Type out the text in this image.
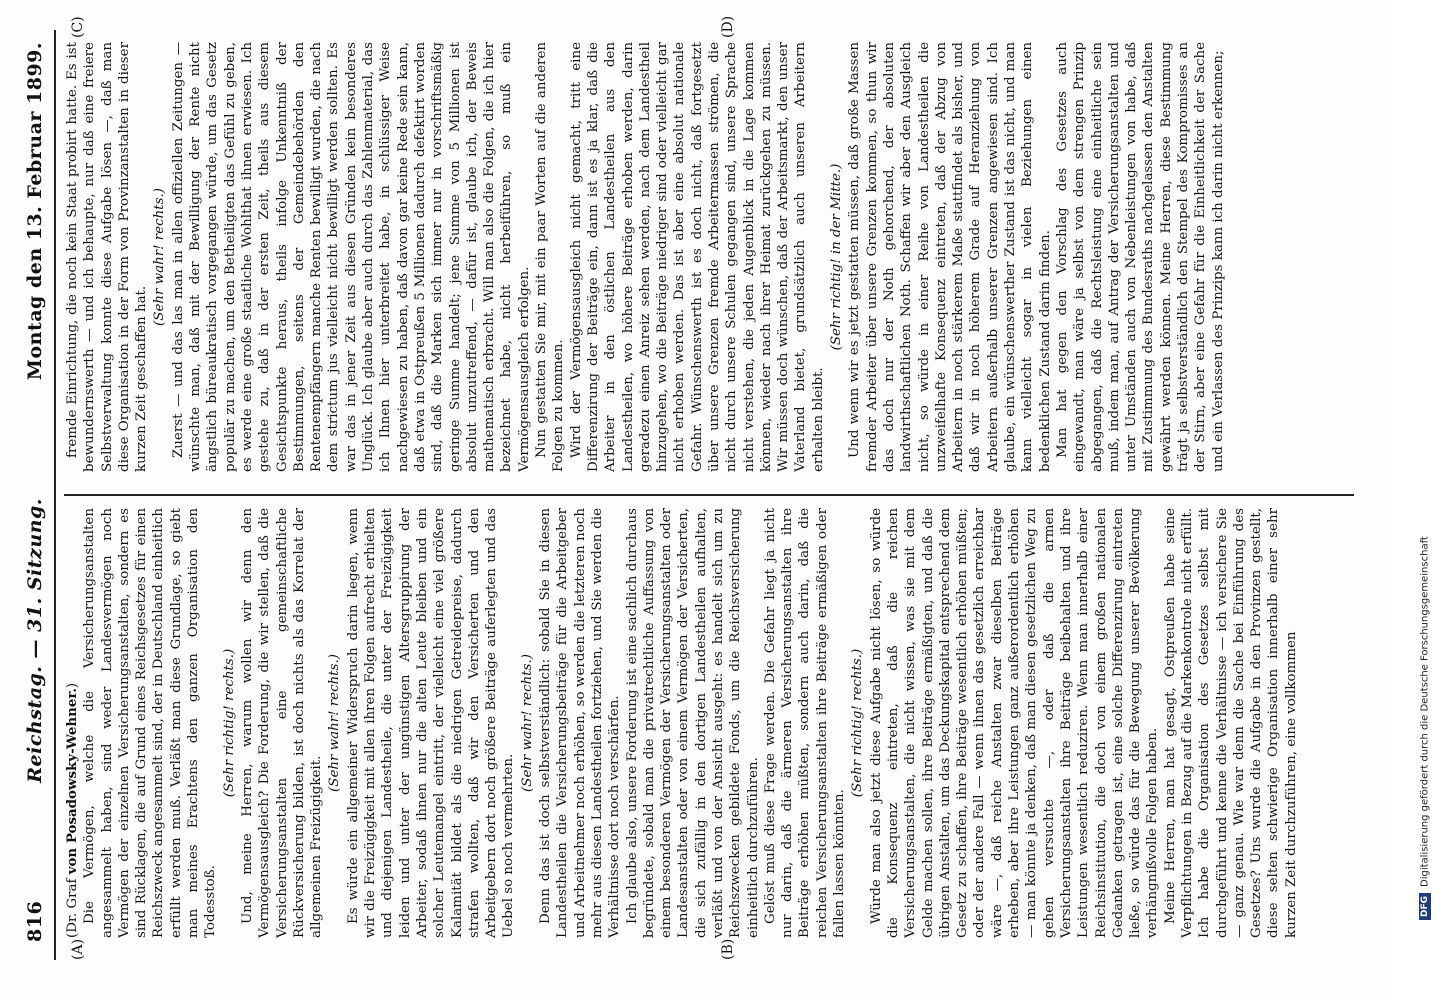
816
Reichstag. — 31. Sitzung.
Montag den 13. Februar 1899.
(A)	(B)
(C)	(D)

(Dr. Graf von Posadowsky-Wehner.) Die Vermögen, welche die Versicherungsanstalten angesammelt haben, sind weder Landesvermögen noch Vermögen der einzelnen Versicherungsanstalten, sondern es sind Rücklagen, die auf Grund eines Reichsgesetzes für einen Reichszweck angesammelt sind, der in Deutschland einheitlich erfüllt werden muß. Verläßt man diese Grundlage, so giebt man meines Erachtens den ganzen Organisation den Todesstoß.

(Sehr richtig! rechts.) Und, meine Herren, warum wollen wir denn den Vermögensausgleich? Die Forderung, die wir stellen, daß die Versicherungsanstalten eine gemeinschaftliche Rückversicherung bilden, ist doch nichts als das Korrelat der allgemeinen Freizügigkeit.

(Sehr wahr! rechts.) Es würde ein allgemeiner Widerspruch darin liegen, wenn wir die Freizügigkeit mit allen ihren Folgen aufrecht erhielten und diejenigen Landestheile, die unter der Freizügigkeit leiden und unter der ungünstigen Altersgruppirung der Arbeiter, sodaß ihnen nur die alten Leute bleiben und ein solcher Leutemangel eintritt, der vielleicht eine viel größere Kalamität bildet als die niedrigen Getreidepreise, dadurch strafen wollten, daß wir den Versicherten und den Arbeitgebern dort noch größere Beiträge auferlegten und das Uebel so noch vermehrten.

(Sehr wahr! rechts.) Denn das ist doch selbstverständlich: sobald Sie in diesen Landestheilen die Versicherungsbeiträge für die Arbeitgeber und Arbeitnehmer noch erhöhen, so werden die letzteren noch mehr aus diesen Landestheilen fortziehen, und Sie werden die Verhältnisse dort noch verschärfen. Ich glaube also, unsere Forderung ist eine sachlich durchaus begründete, sobald man die privatrechtliche Auffassung von einem besonderen Vermögen der Versicherungsanstalten oder Landesanstalten oder von einem Vermögen der Versicherten, die sich zufällig in den dortigen Landestheilen aufhalten, verläßt und von der Ansicht ausgeht: es handelt sich um zu Reichszwecken gebildete Fonds, um die Reichsversicherung einheitlich durchzuführen. Gelöst muß diese Frage werden. Die Gefahr liegt ja nicht nur darin, daß die ärmeren Versicherungsanstalten ihre Beiträge erhöhen müßten, sondern auch darin, daß die reichen Versicherungsanstalten ihre Beiträge ermäßigen oder fallen lassen könnten.

(Sehr richtig! rechts.) Würde man also jetzt diese Aufgabe nicht lösen, so würde die Konsequenz eintreten, daß die reichen Versicherungsanstalten, die nicht wissen, was sie mit dem Gelde machen sollen, ihre Beiträge ermäßigten, und daß die übrigen Anstalten, um das Deckungskapital entsprechend dem Gesetz zu schaffen, ihre Beiträge wesentlich erhöhen müßten; oder der andere Fall — wenn ihnen das gesetzlich erreichbar wäre —, daß reiche Anstalten zwar dieselben Beiträge erheben, aber ihre Leistungen ganz außerordentlich erhöhen — man könnte ja denken, daß man diesen gesetzlichen Weg zu gehen versuchte —, oder daß die armen Versicherungsanstalten ihre Beiträge beibehalten und ihre Leistungen wesentlich reduziren. Wenn man innerhalb einer Reichsinstitution, die doch von einem großen nationalen Gedanken getragen ist, eine solche Differenzirung eintreten ließe, so würde das für die Bewegung unserer Bevölkerung verhängnißvolle Folgen haben. Meine Herren, man hat gesagt, Ostpreußen habe seine Verpflichtungen in Bezug auf die Markenkontrole nicht erfüllt. Ich habe die Organisation des Gesetzes selbst mit durchgeführt und kenne die Verhältnisse — ich versichere Sie — ganz genau. Wie war denn die Sache bei Einführung des Gesetzes? Uns wurde die Aufgabe in den Provinzen gestellt, diese selten schwierige Organisation innerhalb einer sehr kurzen Zeit durchzuführen, eine vollkommen

fremde Einrichtung, die noch kein Staat probirt hatte. Es ist bewundernswerth — und ich behaupte, nur daß eine freiere Selbstverwaltung konnte diese Aufgabe lösen —, daß man diese Organisation in der Form von Provinzanstalten in dieser kurzen Zeit geschaffen hat.

(Sehr wahr! rechts.) Zuerst — und das las man in allen offiziellen Zeitungen — wünschte man, daß mit der Bewilligung der Rente nicht ängstlich büreaukratisch vorgegangen würde, um das Gesetz populär zu machen, um den Betheiligten das Gefühl zu geben, es werde eine große staatliche Wohlthat ihnen erwiesen. Ich gestehe zu, daß in der ersten Zeit, theils aus diesem Gesichtspunkte heraus, theils infolge Unkenntniß der Bestimmungen, seitens der Gemeindebehörden den Rentenempfängern manche Renten bewilligt wurden, die nach dem strictum jus vielleicht nicht bewilligt werden sollten. Es war das in jener Zeit aus diesen Gründen kein besonderes Unglück. Ich glaube aber auch durch das Zahlenmaterial, das ich Ihnen hier unterbreitet habe, in schlüssiger Weise nachgewiesen zu haben, daß davon gar keine Rede sein kann, daß etwa in Ostpreußen 5 Millionen dadurch defektirt worden sind, daß die Marken sich immer nur in vorschriftsmäßig geringe Summe handelt; jene Summe von 5 Millionen ist absolut unzutreffend, — dafür ist, glaube ich, der Beweis mathematisch erbracht. Will man also die Folgen, die ich hier bezeichnet habe, nicht herbeiführen, so muß ein Vermögensausgleich erfolgen. Nun gestatten Sie mir, mit ein paar Worten auf die anderen Folgen zu kommen. Wird der Vermögensausgleich nicht gemacht, tritt eine Differenzirung der Beiträge ein, dann ist es ja klar, daß die Arbeiter in den östlichen Landestheilen aus den Landestheilen, wo höhere Beiträge erhoben werden, darin geradezu einen Anreiz sehen werden, nach dem Landestheil hinzugehen, wo die Beiträge niedriger sind oder vielleicht gar nicht erhoben werden. Das ist aber eine absolut nationale Gefahr. Wünschenswerth ist es doch nicht, daß fortgesetzt über unsere Grenzen fremde Arbeitermassen strömen, die nicht durch unsere Schulen gegangen sind, unsere Sprache nicht verstehen, die jeden Augenblick in die Lage kommen können, wieder nach ihrer Heimat zurückgehen zu müssen. Wir müssen doch wünschen, daß der Arbeitsmarkt, den unser Vaterland bietet, grundsätzlich auch unseren Arbeitern erhalten bleibt.

(Sehr richtig! in der Mitte.) Und wenn wir es jetzt gestatten müssen, daß große Massen fremder Arbeiter über unsere Grenzen kommen, so thun wir das doch nur der Noth gehorchend, der absoluten landwirthschaftlichen Noth. Schaffen wir aber den Ausgleich nicht, so würde in einer Reihe von Landestheilen die unzweifelhafte Konsequenz eintreten, daß der Abzug von Arbeitern in noch stärkerem Maße stattfindet als bisher, und daß wir in noch höherem Grade auf Heranziehung von Arbeitern außerhalb unserer Grenzen angewiesen sind. Ich glaube, ein wünschenswerther Zustand ist das nicht, und man kann vielleicht sogar in vielen Beziehungen einen bedenklichen Zustand darin finden. Man hat gegen den Vorschlag des Gesetzes auch eingewandt, man wäre ja selbst von dem strengen Prinzip abgegangen, daß die Rechtsleistung eine einheitliche sein muß, indem man, auf Antrag der Versicherungsanstalten und unter Umständen auch von Nebenleistungen von habe, daß mit Zustimmung des Bundesraths nachgelassen den Anstalten gewährt werden können. Meine Herren, diese Bestimmung trägt ja selbstverständlich den Stempel des Kompromisses an der Stirn, aber eine Gefahr für die Einheitlichkeit der Sache und ein Verlassen des Prinzips kann ich darin nicht erkennen;

DFG
Digitalisierung gefördert durch die Deutsche Forschungsgemeinschaft
